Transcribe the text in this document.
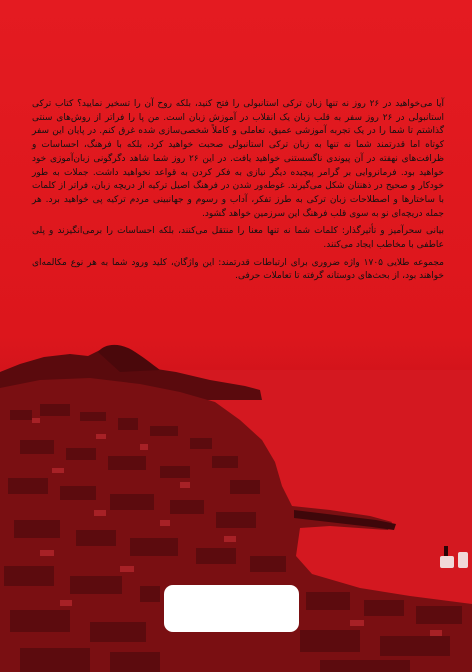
آیا می‌خواهید در ۲۶ روز نه تنها زبان ترکی استانبولی را فتح کنید، بلکه روح آن را تسخیر نمایید؟ کتاب ترکی استانبولی در ۲۶ روز سفر به قلب زبان یک انقلاب در آموزش زبان است. من پا را فراتر از روش‌های سنتی گذاشتم تا شما را در یک تجربه آموزشی عمیق، تعاملی و کاملاً شخصی‌سازی شده غرق کنم. در پایان این سفر کوتاه اما قدرتمند شما نه تنها به زبان ترکی استانبولی صحبت خواهید کرد، بلکه با فرهنگ، احساسات و ظرافت‌های نهفته در آن پیوندی ناگسستنی خواهید یافت. در این ۲۶ روز شما شاهد دگرگونی زبان‌آموزی خود خواهید بود. فرمانروایی بر گرامر پیچیده دیگر نیازی به فکر کردن به قواعد نخواهید داشت. جملات به طور خودکار و صحیح در ذهنتان شکل می‌گیرند. غوطه‌ور شدن در فرهنگ اصیل ترکیه از دریچه زبان، فراتر از کلمات با ساختارها و اصطلاحات زبان ترکی به طرز تفکر، آداب و رسوم و جهانبینی مردم ترکیه پی خواهید برد. هر جمله دریچه‌ای نو به سوی قلب فرهنگ این سرزمین خواهد گشود.

بیانی سحرآمیز و تأثیرگذار: کلمات شما نه تنها معنا را منتقل می‌کنند، بلکه احساسات را برمی‌انگیزند و پلی عاطفی با مخاطب ایجاد می‌کنند.

مجموعه طلایی ۱۷۰۵ واژه ضروری برای ارتباطات قدرتمند: این واژگان، کلید ورود شما به هر نوع مکالمه‌ای خواهند بود، از بحث‌های دوستانه گرفته تا تعاملات حرفی.
